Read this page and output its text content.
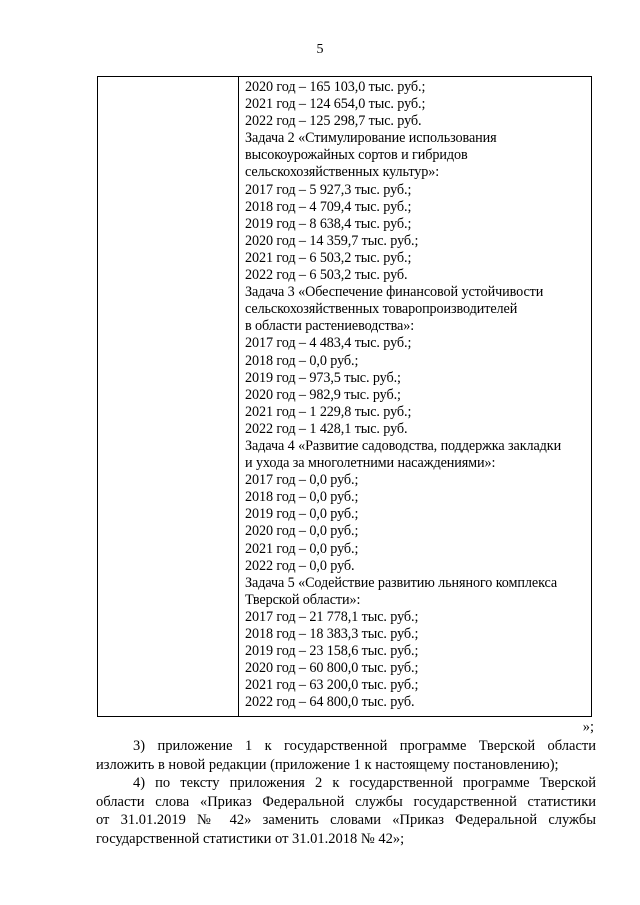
5
2020 год – 165 103,0 тыс. руб.;
2021 год – 124 654,0 тыс. руб.;
2022 год – 125 298,7 тыс. руб.
Задача 2 «Стимулирование использования
высокоурожайных сортов и гибридов
сельскохозяйственных культур»:
2017 год – 5 927,3 тыс. руб.;
2018 год – 4 709,4 тыс. руб.;
2019 год – 8 638,4 тыс. руб.;
2020 год – 14 359,7 тыс. руб.;
2021 год – 6 503,2 тыс. руб.;
2022 год – 6 503,2 тыс. руб.
Задача 3 «Обеспечение финансовой устойчивости
сельскохозяйственных товаропроизводителей
в области растениеводства»:
2017 год – 4 483,4 тыс. руб.;
2018 год – 0,0 руб.;
2019 год – 973,5 тыс. руб.;
2020 год – 982,9 тыс. руб.;
2021 год – 1 229,8 тыс. руб.;
2022 год – 1 428,1 тыс. руб.
Задача 4 «Развитие садоводства, поддержка закладки
и ухода за многолетними насаждениями»:
2017 год – 0,0 руб.;
2018 год – 0,0 руб.;
2019 год – 0,0 руб.;
2020 год – 0,0 руб.;
2021 год – 0,0 руб.;
2022 год – 0,0 руб.
Задача 5 «Содействие развитию льняного комплекса
Тверской области»:
2017 год – 21 778,1 тыс. руб.;
2018 год – 18 383,3 тыс. руб.;
2019 год – 23 158,6 тыс. руб.;
2020 год – 60 800,0 тыс. руб.;
2021 год – 63 200,0 тыс. руб.;
2022 год – 64 800,0 тыс. руб.
»;
3) приложение 1 к государственной программе Тверской области
изложить в новой редакции (приложение 1 к настоящему постановлению);
4) по тексту приложения 2 к государственной программе Тверской
области слова «Приказ Федеральной службы государственной статистики
от 31.01.2019 № 42» заменить словами «Приказ Федеральной службы
государственной статистики от 31.01.2018 № 42»;
